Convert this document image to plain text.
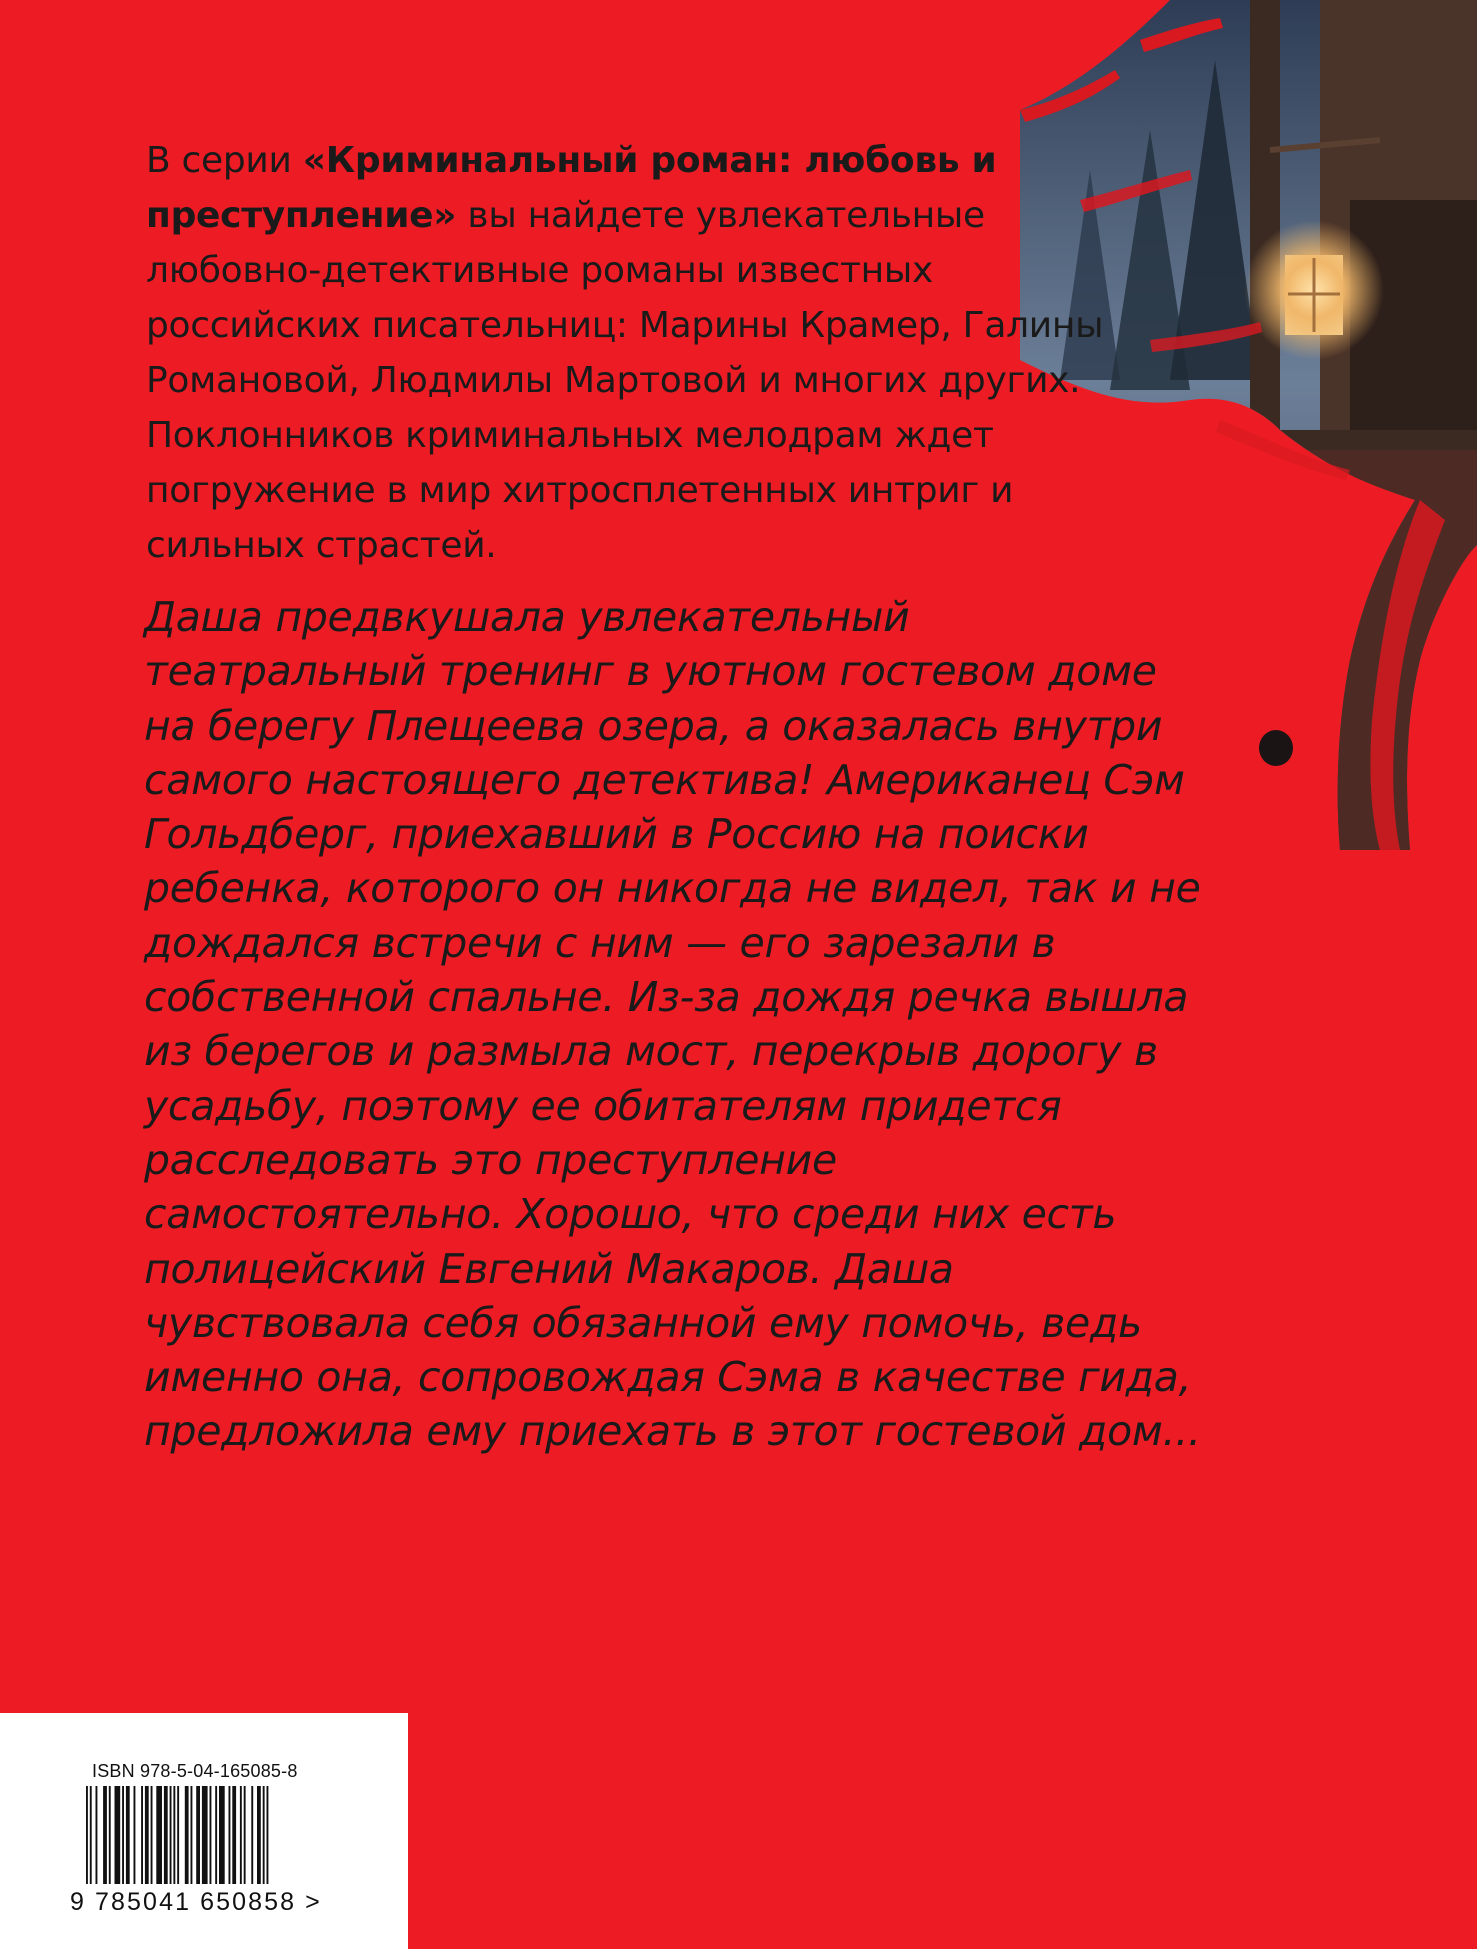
В серии «Криминальный роман: любовь и преступление» вы найдете увлекательные любовно-детективные романы известных российских писательниц: Марины Крамер, Галины Романовой, Людмилы Мартовой и многих других. Поклонников криминальных мелодрам ждет погружение в мир хитросплетенных интриг и сильных страстей.

Даша предвкушала увлекательный театральный тренинг в уютном гостевом доме на берегу Плещеева озера, а оказалась внутри самого настоящего детектива! Американец Сэм Гольдберг, приехавший в Россию на поиски ребенка, которого он никогда не видел, так и не дождался встречи с ним — его зарезали в собственной спальне. Из-за дождя речка вышла из берегов и размыла мост, перекрыв дорогу в усадьбу, поэтому ее обитателям придется расследовать это преступление самостоятельно. Хорошо, что среди них есть полицейский Евгений Макаров. Даша чувствовала себя обязанной ему помочь, ведь именно она, сопровождая Сэма в качестве гида, предложила ему приехать в этот гостевой дом...

ISBN 978-5-04-165085-8
9 785041 650858 >
